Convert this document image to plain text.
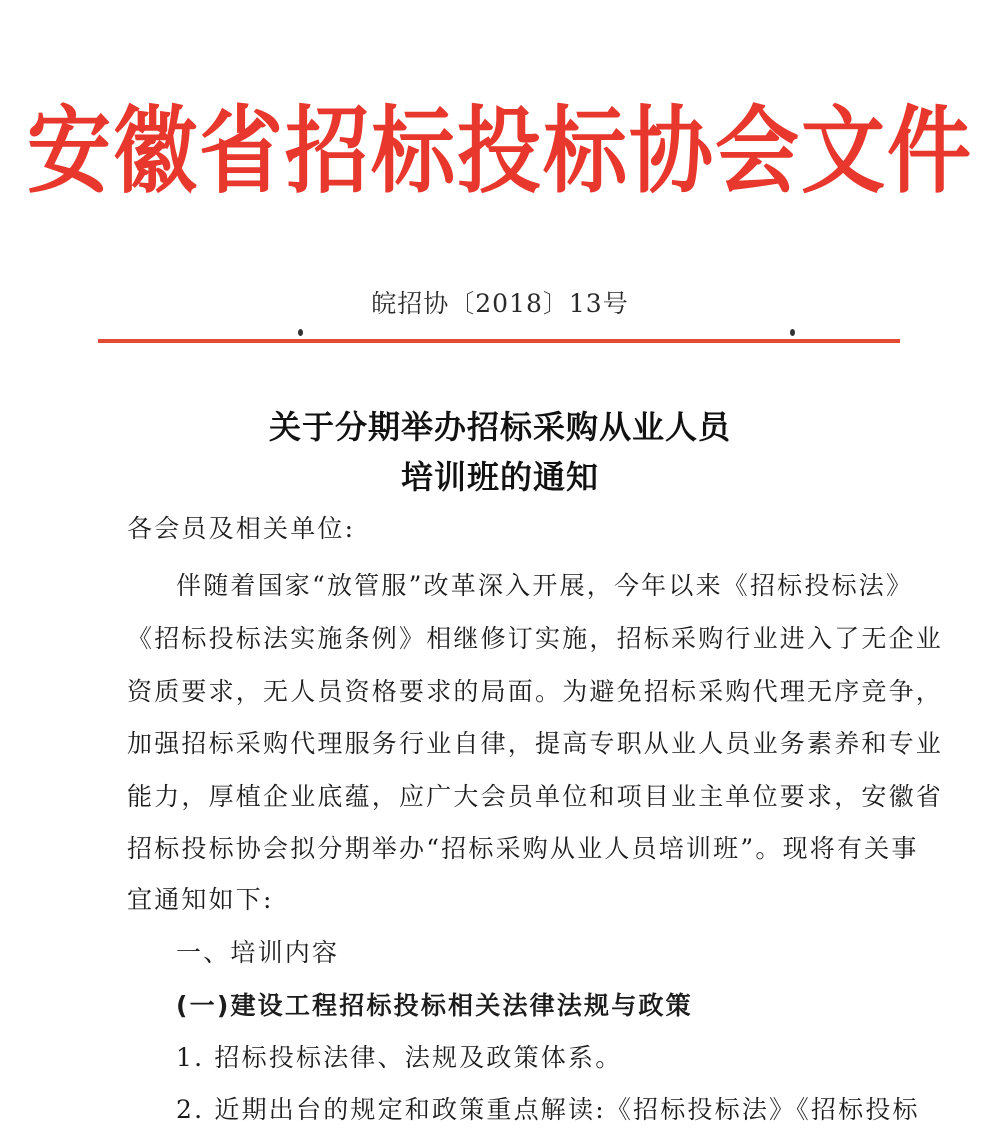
安徽省招标投标协会文件
皖招协〔2018〕13号
关于分期举办招标采购从业人员
培训班的通知
各会员及相关单位:
伴随着国家“放管服”改革深入开展，今年以来《招标投标法》
《招标投标法实施条例》相继修订实施，招标采购行业进入了无企业
资质要求，无人员资格要求的局面。为避免招标采购代理无序竞争，
加强招标采购代理服务行业自律，提高专职从业人员业务素养和专业
能力，厚植企业底蕴，应广大会员单位和项目业主单位要求，安徽省
招标投标协会拟分期举办“招标采购从业人员培训班”。现将有关事
宜通知如下:
一、培训内容
(一)建设工程招标投标相关法律法规与政策
1. 招标投标法律、法规及政策体系。
2. 近期出台的规定和政策重点解读:《招标投标法》《招标投标
